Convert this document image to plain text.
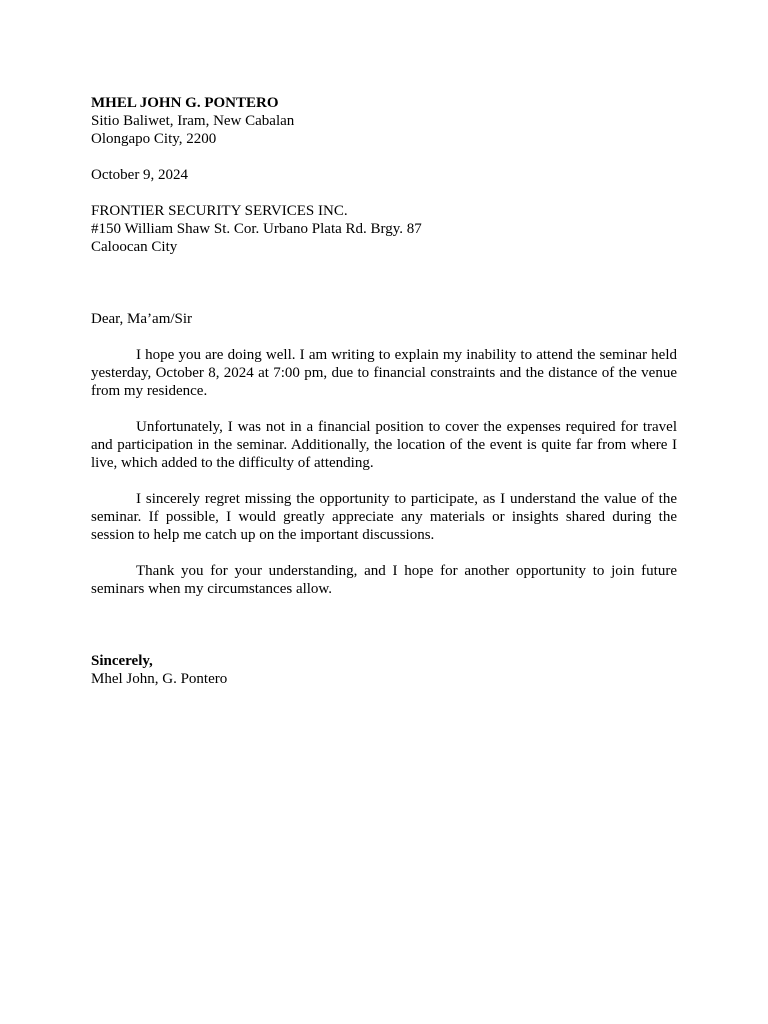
MHEL JOHN G. PONTERO
Sitio Baliwet, Iram, New Cabalan
Olongapo City, 2200
October 9, 2024
FRONTIER SECURITY SERVICES INC.
#150 William Shaw St. Cor. Urbano Plata Rd. Brgy. 87
Caloocan City
Dear, Ma’am/Sir

I hope you are doing well. I am writing to explain my inability to attend the seminar held yesterday, October 8, 2024 at 7:00 pm, due to financial constraints and the distance of the venue from my residence.

Unfortunately, I was not in a financial position to cover the expenses required for travel and participation in the seminar. Additionally, the location of the event is quite far from where I live, which added to the difficulty of attending.

I sincerely regret missing the opportunity to participate, as I understand the value of the seminar. If possible, I would greatly appreciate any materials or insights shared during the session to help me catch up on the important discussions.

Thank you for your understanding, and I hope for another opportunity to join future seminars when my circumstances allow.

Sincerely,
Mhel John, G. Pontero
